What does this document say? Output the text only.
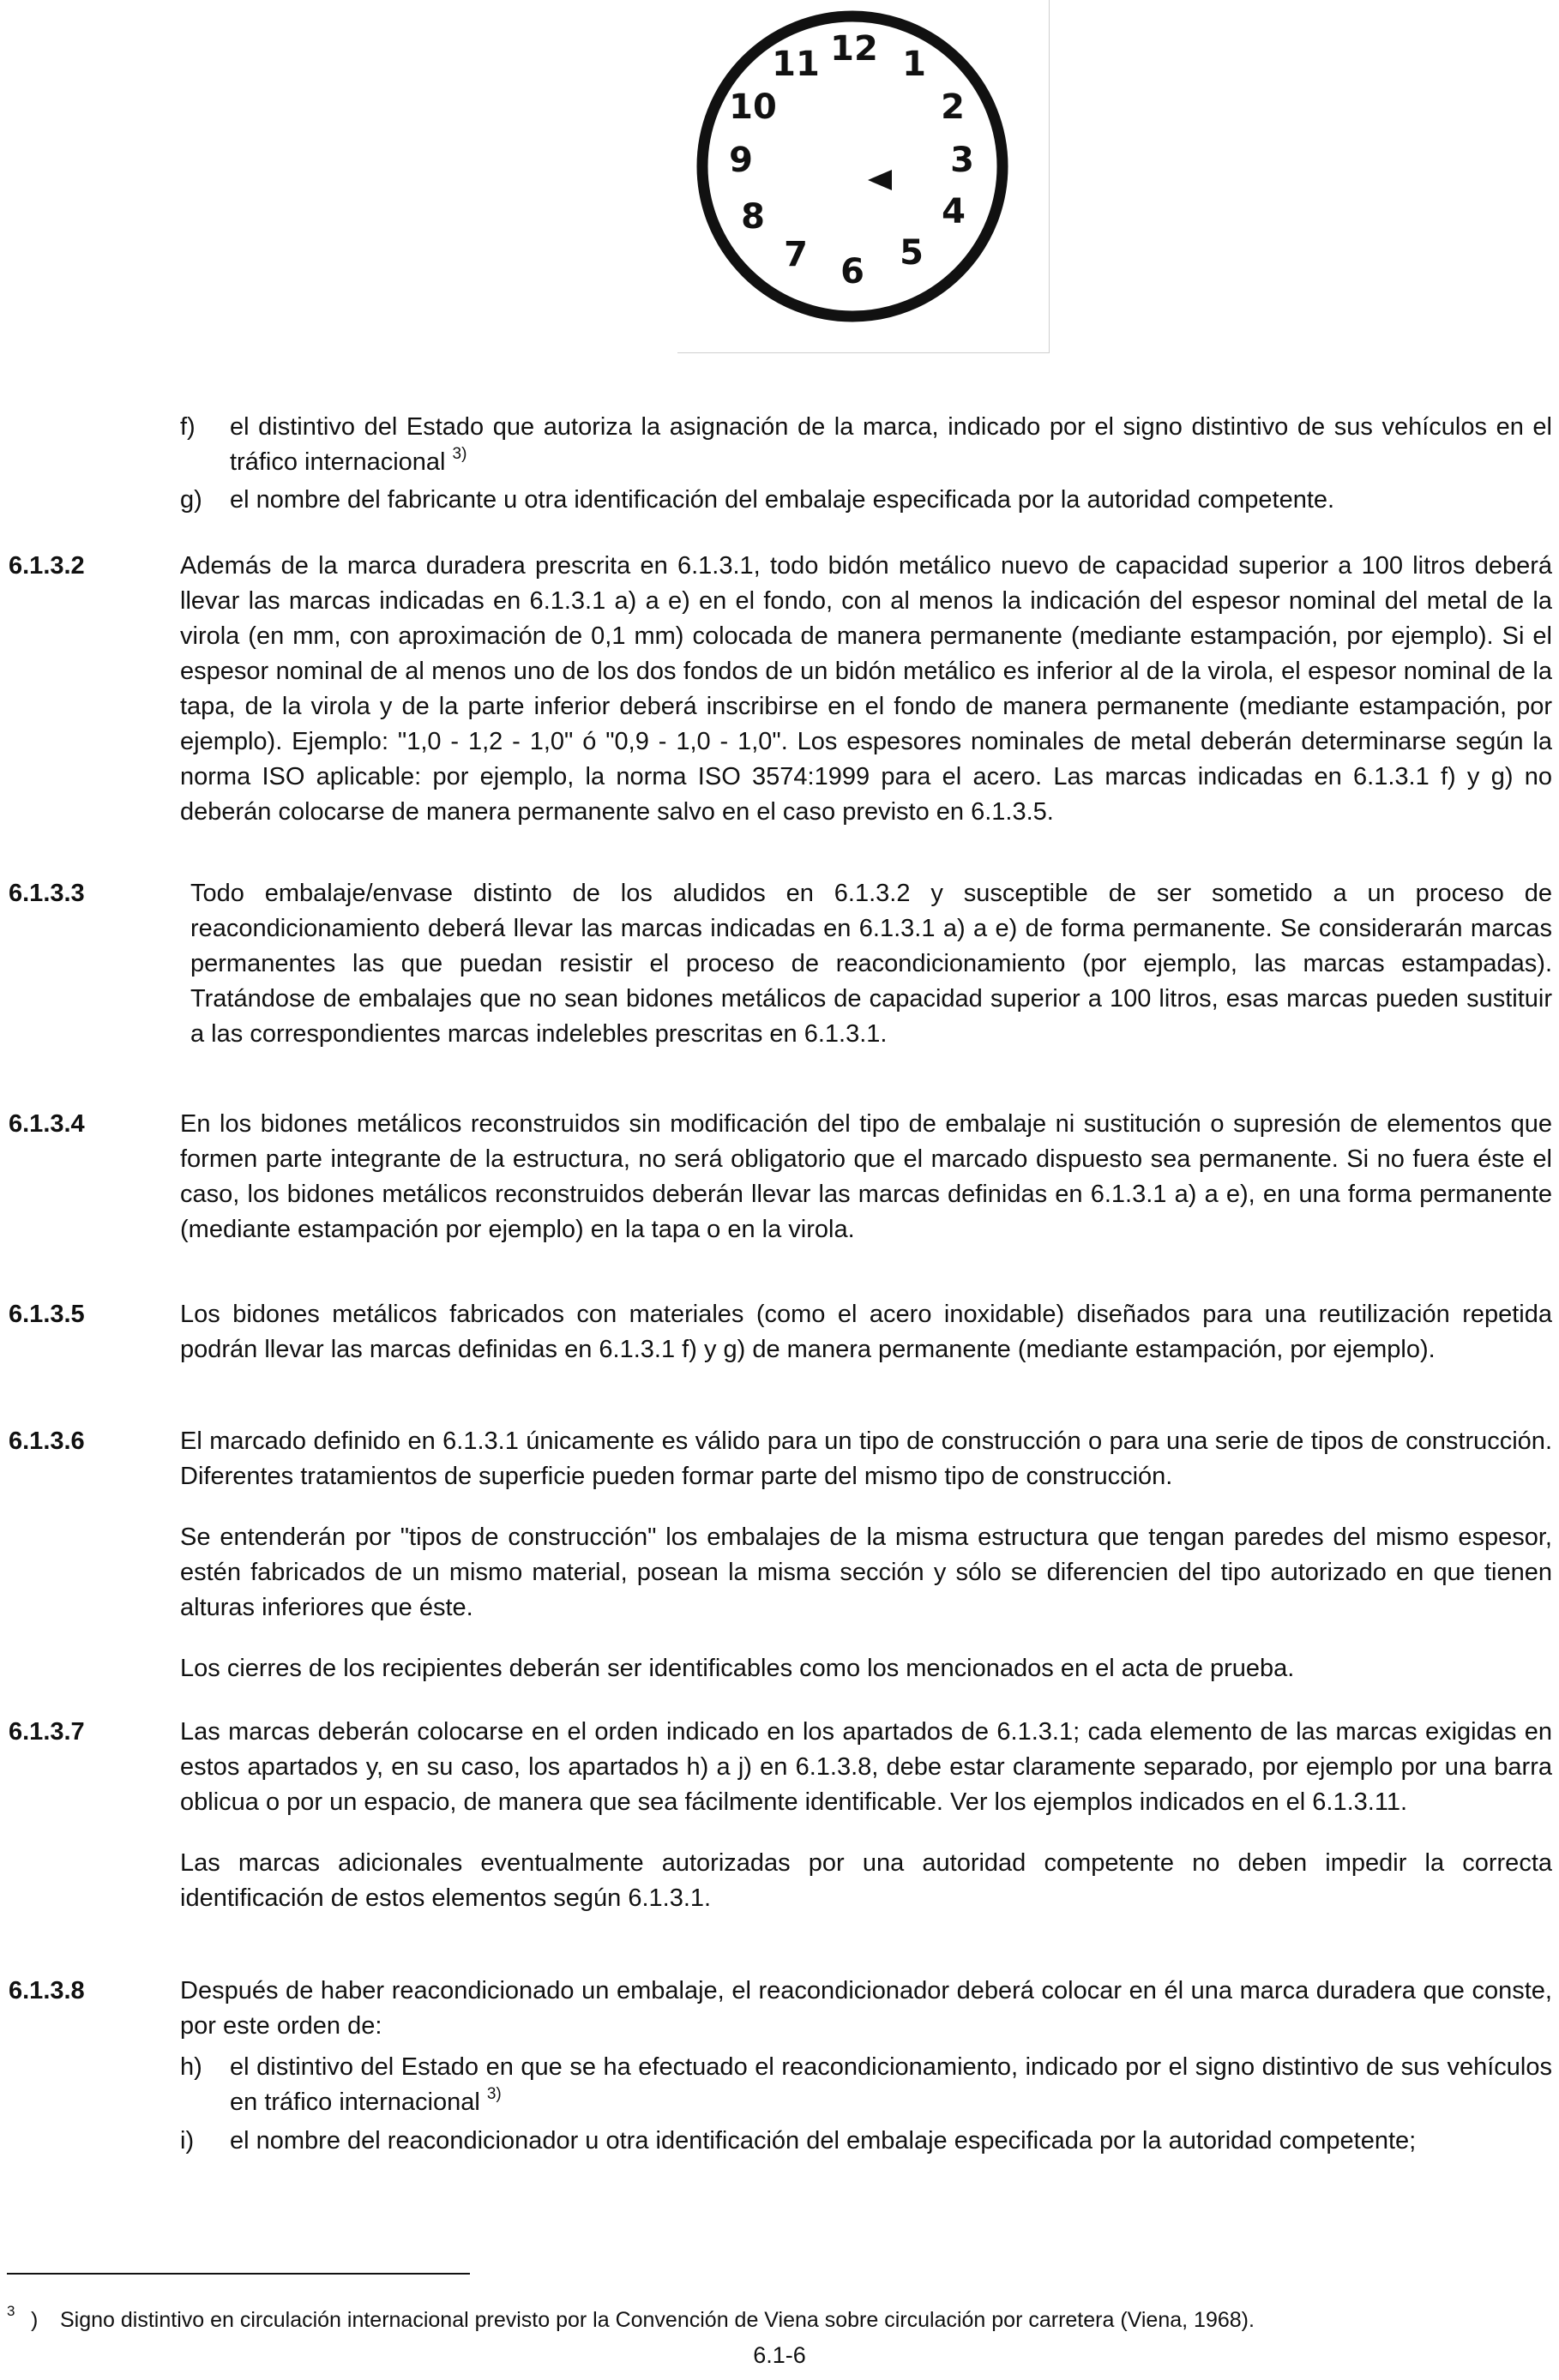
12 1
2
3
4
5
6
7
8
9
10
11
f) el distintivo del Estado que autoriza la asignación de la marca, indicado por el signo distintivo de sus vehículos en el tráfico internacional $^{3)}$
g) el nombre del fabricante u otra identificación del embalaje especificada por la autoridad competente.
6.1.3.2	Además de la marca duradera prescrita en 6.1.3.1, todo bidón metálico nuevo de capacidad superior a 100 litros deberá llevar las marcas indicadas en 6.1.3.1 a) a e) en el fondo, con al menos la indicación del espesor nominal del metal de la virola (en mm, con aproximación de 0,1 mm) colocada de manera permanente (mediante estampación, por ejemplo). Si el espesor nominal de al menos uno de los dos fondos de un bidón metálico es inferior al de la virola, el espesor nominal de la tapa, de la virola y de la parte inferior deberá inscribirse en el fondo de manera permanente (mediante estampación, por ejemplo). Ejemplo: "1,0 - 1,2 - 1,0" ó "0,9 - 1,0 - 1,0". Los espesores nominales de metal deberán determinarse según la norma ISO aplicable: por ejemplo, la norma ISO 3574:1999 para el acero. Las marcas indicadas en 6.1.3.1 f) y g) no deberán colocarse de manera permanente salvo en el caso previsto en 6.1.3.5.

6.1.3.3	Todo embalaje/envase distinto de los aludidos en 6.1.3.2 y susceptible de ser sometido a un proceso de reacondicionamiento deberá llevar las marcas indicadas en 6.1.3.1 a) a e) de forma permanente. Se considerarán marcas permanentes las que puedan resistir el proceso de reacondicionamiento (por ejemplo, las marcas estampadas). Tratándose de embalajes que no sean bidones metálicos de capacidad superior a 100 litros, esas marcas pueden sustituir a las correspondientes marcas indelebles prescritas en 6.1.3.1.

6.1.3.4	En los bidones metálicos reconstruidos sin modificación del tipo de embalaje ni sustitución o supresión de elementos que formen parte integrante de la estructura, no será obligatorio que el marcado dispuesto sea permanente. Si no fuera éste el caso, los bidones metálicos reconstruidos deberán llevar las marcas definidas en 6.1.3.1 a) a e), en una forma permanente (mediante estampación por ejemplo) en la tapa o en la virola.

6.1.3.5	Los bidones metálicos fabricados con materiales (como el acero inoxidable) diseñados para una reutilización repetida podrán llevar las marcas definidas en 6.1.3.1 f) y g) de manera permanente (mediante estampación, por ejemplo).

6.1.3.6	El marcado definido en 6.1.3.1 únicamente es válido para un tipo de construcción o para una serie de tipos de construcción. Diferentes tratamientos de superficie pueden formar parte del mismo tipo de construcción.

Se entenderán por "tipos de construcción" los embalajes de la misma estructura que tengan paredes del mismo espesor, estén fabricados de un mismo material, posean la misma sección y sólo se diferencien del tipo autorizado en que tienen alturas inferiores que éste.

Los cierres de los recipientes deberán ser identificables como los mencionados en el acta de prueba.

6.1.3.7	Las marcas deberán colocarse en el orden indicado en los apartados de 6.1.3.1; cada elemento de las marcas exigidas en estos apartados y, en su caso, los apartados h) a j) en 6.1.3.8, debe estar claramente separado, por ejemplo por una barra oblicua o por un espacio, de manera que sea fácilmente identificable. Ver los ejemplos indicados en el 6.1.3.11.

Las marcas adicionales eventualmente autorizadas por una autoridad competente no deben impedir la correcta identificación de estos elementos según 6.1.3.1.

6.1.3.8	Después de haber reacondicionado un embalaje, el reacondicionador deberá colocar en él una marca duradera que conste, por este orden de:

h) el distintivo del Estado en que se ha efectuado el reacondicionamiento, indicado por el signo distintivo de sus vehículos en tráfico internacional $^{3)}$
i) el nombre del reacondicionador u otra identificación del embalaje especificada por la autoridad competente;
3 ) Signo distintivo en circulación internacional previsto por la Convención de Viena sobre circulación por carretera (Viena, 1968).
6.1-6
